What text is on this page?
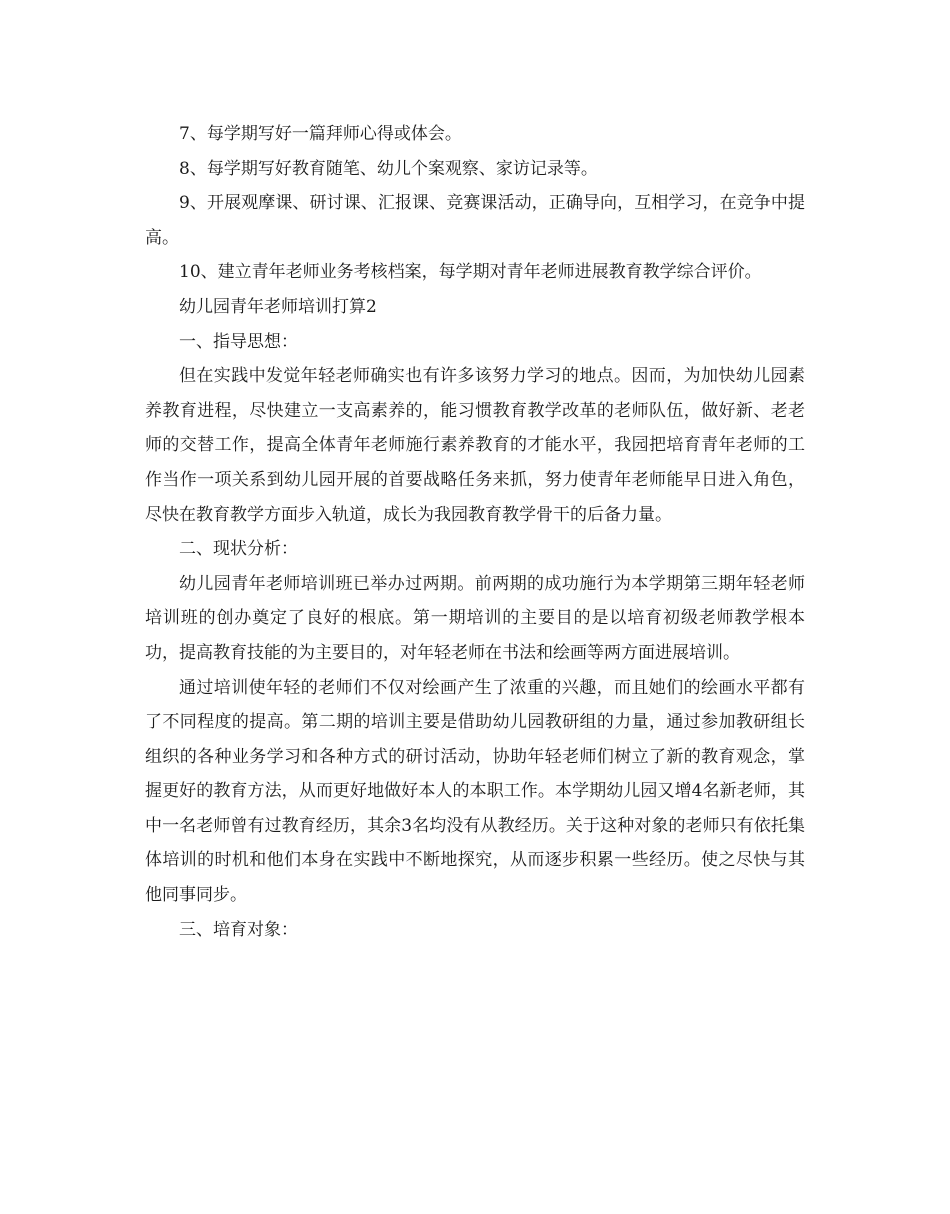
7、每学期写好一篇拜师心得或体会。

8、每学期写好教育随笔、幼儿个案观察、家访记录等。

9、开展观摩课、研讨课、汇报课、竞赛课活动，正确导向，互相学习，在竞争中提高。

10、建立青年老师业务考核档案，每学期对青年老师进展教育教学综合评价。

幼儿园青年老师培训打算2

一、指导思想：

但在实践中发觉年轻老师确实也有许多该努力学习的地点。因而，为加快幼儿园素养教育进程，尽快建立一支高素养的，能习惯教育教学改革的老师队伍，做好新、老老师的交替工作，提高全体青年老师施行素养教育的才能水平，我园把培育青年老师的工作当作一项关系到幼儿园开展的首要战略任务来抓，努力使青年老师能早日进入角色，尽快在教育教学方面步入轨道，成长为我园教育教学骨干的后备力量。

二、现状分析：

幼儿园青年老师培训班已举办过两期。前两期的成功施行为本学期第三期年轻老师培训班的创办奠定了良好的根底。第一期培训的主要目的是以培育初级老师教学根本功，提高教育技能的为主要目的，对年轻老师在书法和绘画等两方面进展培训。

通过培训使年轻的老师们不仅对绘画产生了浓重的兴趣，而且她们的绘画水平都有了不同程度的提高。第二期的培训主要是借助幼儿园教研组的力量，通过参加教研组长组织的各种业务学习和各种方式的研讨活动，协助年轻老师们树立了新的教育观念，掌握更好的教育方法，从而更好地做好本人的本职工作。本学期幼儿园又增4名新老师，其中一名老师曾有过教育经历，其余3名均没有从教经历。关于这种对象的老师只有依托集体培训的时机和他们本身在实践中不断地探究，从而逐步积累一些经历。使之尽快与其他同事同步。

三、培育对象：
